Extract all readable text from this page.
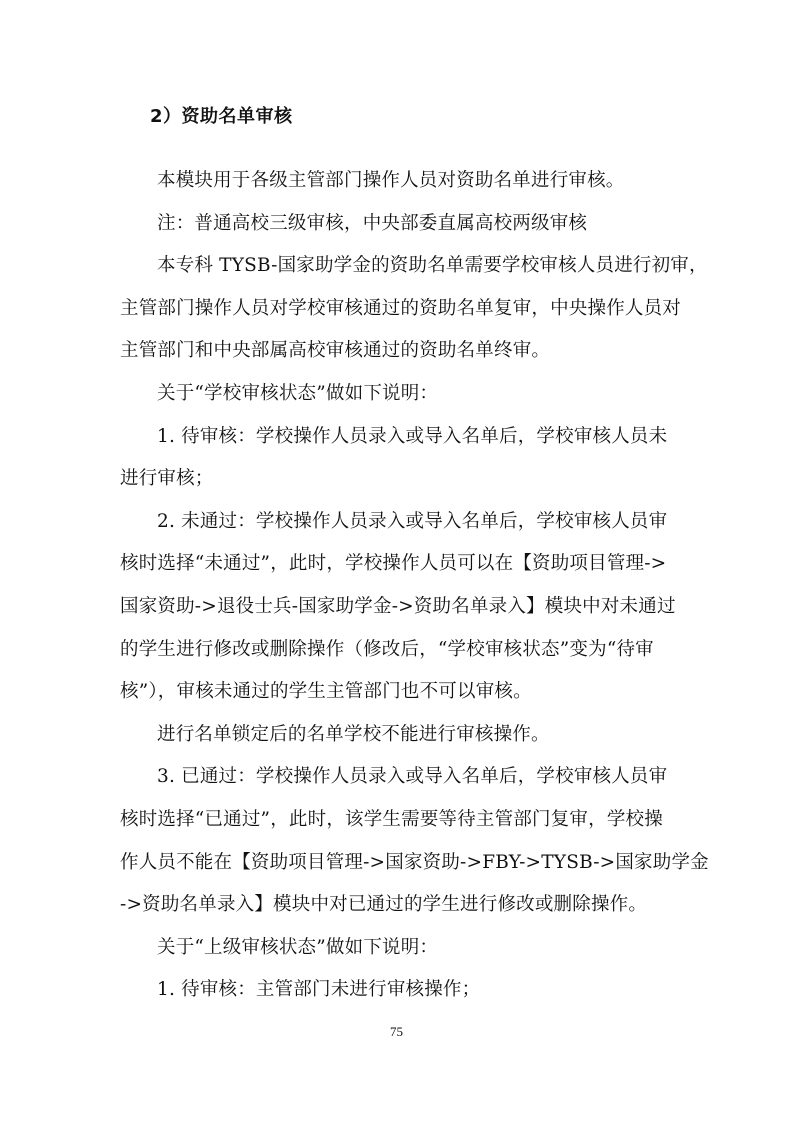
2）资助名单审核
本模块用于各级主管部门操作人员对资助名单进行审核。
注：普通高校三级审核，中央部委直属高校两级审核
本专科 TYSB-国家助学金的资助名单需要学校审核人员进行初审，
主管部门操作人员对学校审核通过的资助名单复审，中央操作人员对
主管部门和中央部属高校审核通过的资助名单终审。
关于“学校审核状态”做如下说明：
1. 待审核：学校操作人员录入或导入名单后，学校审核人员未
进行审核；
2. 未通过：学校操作人员录入或导入名单后，学校审核人员审
核时选择“未通过”，此时，学校操作人员可以在【资助项目管理->
国家资助->退役士兵-国家助学金->资助名单录入】模块中对未通过
的学生进行修改或删除操作（修改后，“学校审核状态”变为“待审
核”），审核未通过的学生主管部门也不可以审核。
进行名单锁定后的名单学校不能进行审核操作。
3. 已通过：学校操作人员录入或导入名单后，学校审核人员审
核时选择“已通过”，此时，该学生需要等待主管部门复审，学校操
作人员不能在【资助项目管理->国家资助->FBY->TYSB->国家助学金
->资助名单录入】模块中对已通过的学生进行修改或删除操作。
关于“上级审核状态”做如下说明：
1. 待审核：主管部门未进行审核操作；
75
